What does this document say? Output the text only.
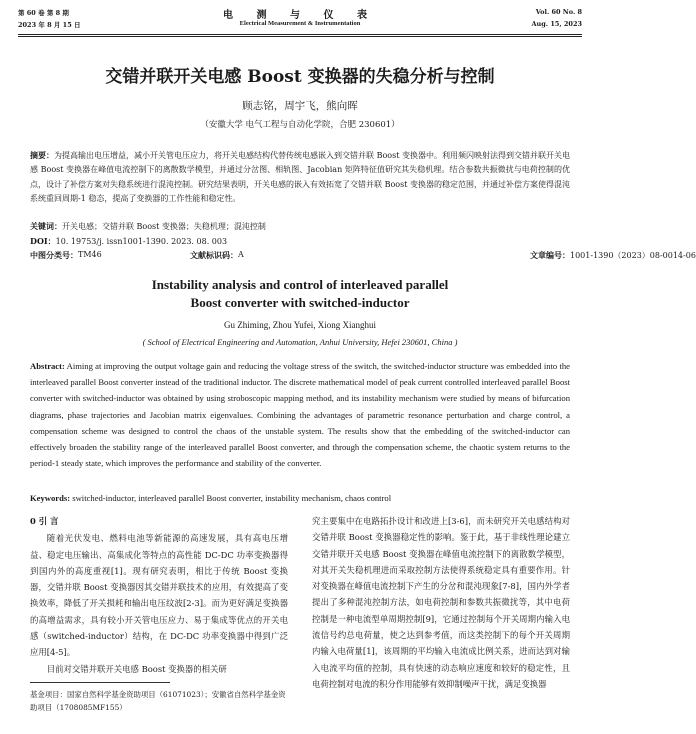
第 60 卷 第 8 期
2023 年 8 月 15 日
电 测 与 仪 表
Electrical Measurement & Instrumentation
Vol. 60 No. 8
Aug. 15, 2023
交错并联开关电感 Boost 变换器的失稳分析与控制
顾志铭，周宇飞，熊向晖
（安徽大学 电气工程与自动化学院，合肥 230601）
摘要：为提高输出电压增益，减小开关管电压应力，将开关电感结构代替传统电感嵌入到交错并联 Boost 变换器中。利用频闪映射法得到交错并联开关电感 Boost 变换器在峰值电流控制下的离散数学模型，并通过分岔图、相轨图、Jacobian 矩阵特征值研究其失稳机理。结合参数共振微扰与电荷控制的优点，设计了补偿方案对失稳系统进行混沌控制。研究结果表明，开关电感的嵌入有效拓宽了交错并联 Boost 变换器的稳定范围，并通过补偿方案使得混沌系统重回周期-1 稳态，提高了变换器的工作性能和稳定性。
关键词：开关电感；交错并联 Boost 变换器；失稳机理；混沌控制
DOI：10. 19753/j. issn1001-1390. 2023. 08. 003
中图分类号： TM46	文献标识码： A	文章编号： 1001-1390（2023）08-0014-06
Instability analysis and control of interleaved parallel
Boost converter with switched-inductor
Gu Zhiming, Zhou Yufei, Xiong Xianghui
( School of Electrical Engineering and Automation, Anhui University, Hefei 230601, China )
Abstract: Aiming at improving the output voltage gain and reducing the voltage stress of the switch, the switched-inductor structure was embedded into the interleaved parallel Boost converter instead of the traditional inductor. The discrete mathematical model of peak current controlled interleaved parallel Boost converter with switched-inductor was obtained by using stroboscopic mapping method, and its instability mechanism were studied by means of bifurcation diagrams, phase trajectories and Jacobian matrix eigenvalues. Combining the advantages of parametric resonance perturbation and charge control, a compensation scheme was designed to control the chaos of the unstable system. The results show that the embedding of the switched-inductor can effectively broaden the stability range of the interleaved parallel Boost converter, and through the compensation scheme, the chaotic system returns to the period-1 steady state, which improves the performance and stability of the converter.
Keywords: switched-inductor, interleaved parallel Boost converter, instability mechanism, chaos control
0 引 言
随着光伏发电、燃料电池等新能源的高速发展，具有高电压增益、稳定电压输出、高集成化等特点的高性能 DC-DC 功率变换器得到国内外的高度重视[1]。现有研究表明，相比于传统 Boost 变换器，交错并联 Boost 变换器因其交错并联技术的应用，有效提高了变换效率，降低了开关损耗和输出电压纹波[2-3]。而为更好满足变换器的高增益需求，具有较小开关管电压应力、易于集成等优点的开关电感（switched-inductor）结构，在 DC-DC 功率变换器中得到广泛应用[4-5]。
目前对交错并联开关电感 Boost 变换器的相关研
究主要集中在电路拓扑设计和改进上[3-6]，而未研究开关电感结构对交错并联 Boost 变换器稳定性的影响。鉴于此，基于非线性理论建立交错并联开关电感 Boost 变换器在峰值电流控制下的离散数学模型，对其开关失稳机理进而采取控制方法使得系统稳定具有重要作用。针对变换器在峰值电流控制下产生的分岔和混沌现象[7-8]，国内外学者提出了多种混沌控制方法，如电荷控制和参数共振微扰等，其中电荷控制是一种电流型单周期控制[9]，它通过控制每个开关周期内输入电流信号约总电荷量，使之达到参考值，而这类控制下的每个开关周期内输入电荷量[1]，该周期的平均输入电流成比例关系，进而达到对输入电流平均值的控制，具有快速的动态响应速度和较好的稳定性，且电荷控制对电流的积分作用能够有效抑制噪声干扰，满足变换器
基金项目：国家自然科学基金资助项目（61071023）；安徽省自然科学基金资助项目（1708085MF155）
